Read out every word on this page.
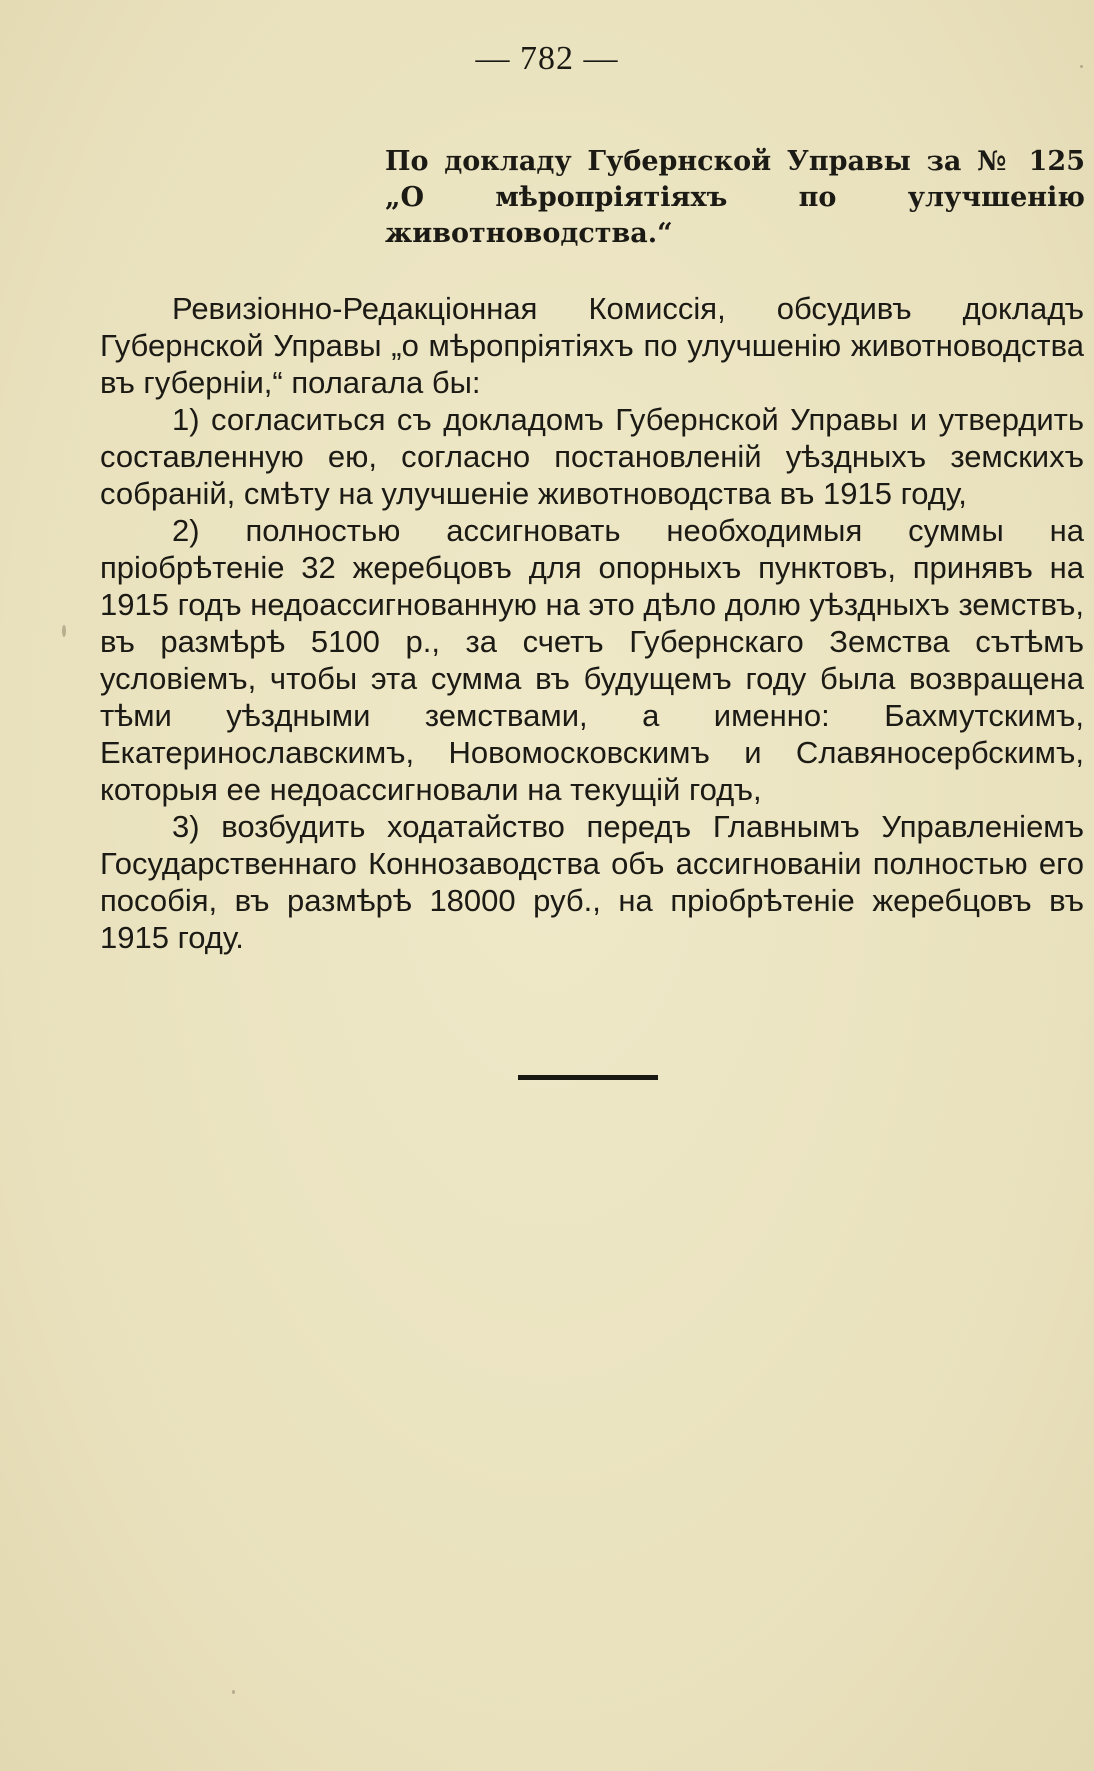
— 782 —
По докладу Губернской Управы за № 125 „О мѣропріятіяхъ по улучшенію животноводства.“

Ревизіонно-Редакціонная Комиссія, обсудивъ докладъ Губернской Управы „о мѣропріятіяхъ по улучшенію животноводства въ губерніи,“ полагала бы:

1) согласиться съ докладомъ Губернской Управы и утвердить составленную ею, согласно постановленій уѣздныхъ земскихъ собраній, смѣту на улучшеніе животноводства въ 1915 году,

2) полностью ассигновать необходимыя суммы на пріобрѣтеніе 32 жеребцовъ для опорныхъ пунктовъ, принявъ на 1915 годъ недоассигнованную на это дѣло долю уѣздныхъ земствъ, въ размѣрѣ 5100 р., за счетъ Губернскаго Земства сътѣмъ условіемъ, чтобы эта сумма въ будущемъ году была возвращена тѣми уѣздными земствами, а именно: Бахмутскимъ, Екатеринославскимъ, Новомосковскимъ и Славяносербскимъ, которыя ее недоассигновали на текущій годъ,

3) возбудить ходатайство передъ Главнымъ Управленіемъ Государственнаго Коннозаводства объ ассигнованіи полностью его пособія, въ размѣрѣ 18000 руб., на пріобрѣтеніе жеребцовъ въ 1915 году.
